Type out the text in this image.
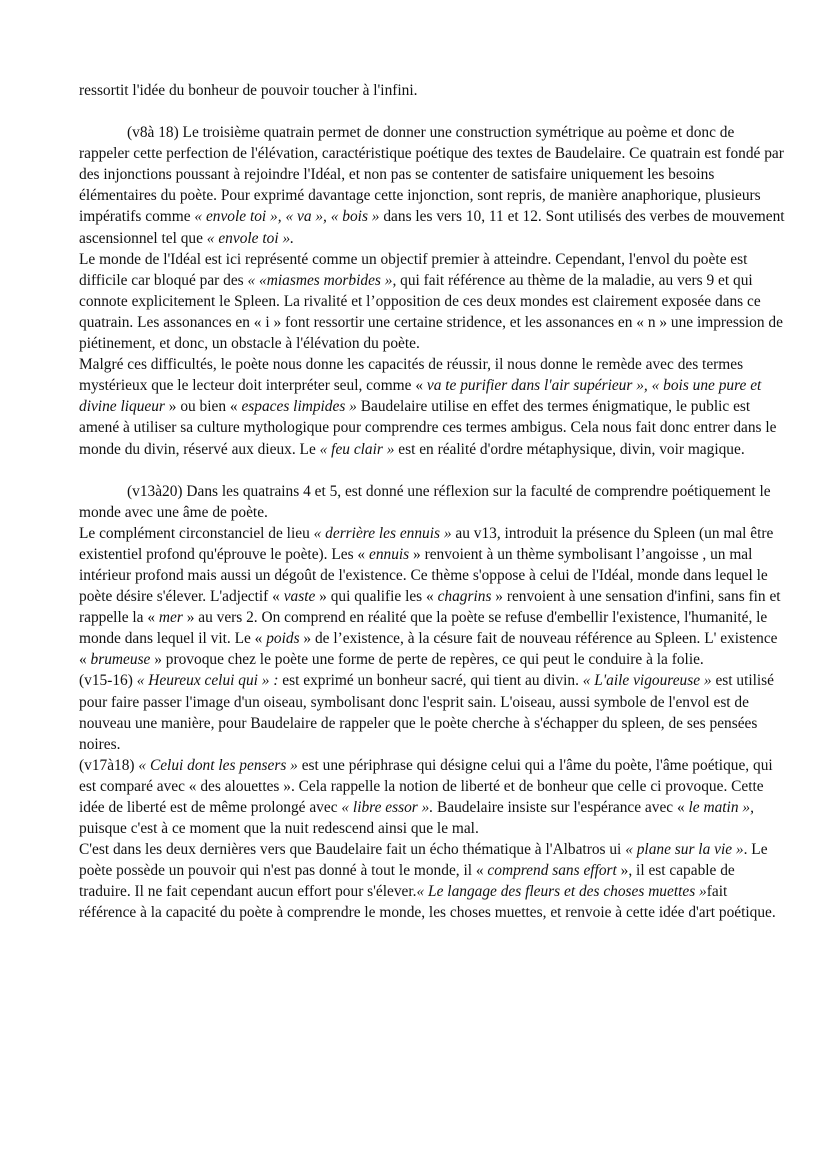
ressortit l'idée du bonheur de pouvoir toucher à l'infini.

(v8à 18) Le troisième quatrain permet de donner une construction symétrique au poème et donc de rappeler cette perfection de l'élévation, caractéristique poétique des textes de Baudelaire. Ce quatrain est fondé par des injonctions poussant à rejoindre l'Idéal, et non pas se contenter de satisfaire uniquement les besoins élémentaires du poète. Pour exprimé davantage cette injonction, sont repris, de manière anaphorique, plusieurs impératifs comme « envole toi », « va », « bois » dans les vers 10, 11 et 12. Sont utilisés des verbes de mouvement ascensionnel tel que « envole toi ».

Le monde de l'Idéal est ici représenté comme un objectif premier à atteindre. Cependant, l'envol du poète est difficile car bloqué par des « «miasmes morbides », qui fait référence au thème de la maladie, au vers 9 et qui connote explicitement le Spleen. La rivalité et l’opposition de ces deux mondes est clairement exposée dans ce quatrain. Les assonances en « i » font ressortir une certaine stridence, et les assonances en « n » une impression de piétinement, et donc, un obstacle à l'élévation du poète.

Malgré ces difficultés, le poète nous donne les capacités de réussir, il nous donne le remède avec des termes mystérieux que le lecteur doit interpréter seul, comme « va te purifier dans l'air supérieur », « bois une pure et divine liqueur » ou bien « espaces limpides » Baudelaire utilise en effet des termes énigmatique, le public est amené à utiliser sa culture mythologique pour comprendre ces termes ambigus. Cela nous fait donc entrer dans le monde du divin, réservé aux dieux. Le « feu clair » est en réalité d'ordre métaphysique, divin, voir magique.

(v13à20) Dans les quatrains 4 et 5, est donné une réflexion sur la faculté de comprendre poétiquement le monde avec une âme de poète.

Le complément circonstanciel de lieu « derrière les ennuis » au v13, introduit la présence du Spleen (un mal être existentiel profond qu'éprouve le poète). Les « ennuis » renvoient à un thème symbolisant l’angoisse , un mal intérieur profond mais aussi un dégoût de l'existence. Ce thème s'oppose à celui de l'Idéal, monde dans lequel le poète désire s'élever. L'adjectif « vaste » qui qualifie les « chagrins » renvoient à une sensation d'infini, sans fin et rappelle la « mer » au vers 2. On comprend en réalité que la poète se refuse d'embellir l'existence, l'humanité, le monde dans lequel il vit. Le « poids » de l’existence, à la césure fait de nouveau référence au Spleen. L' existence « brumeuse » provoque chez le poète une forme de perte de repères, ce qui peut le conduire à la folie.

(v15-16) « Heureux celui qui » : est exprimé un bonheur sacré, qui tient au divin. « L'aile vigoureuse » est utilisé pour faire passer l'image d'un oiseau, symbolisant donc l'esprit sain. L'oiseau, aussi symbole de l'envol est de nouveau une manière, pour Baudelaire de rappeler que le poète cherche à s'échapper du spleen, de ses pensées noires.

(v17à18) « Celui dont les pensers » est une périphrase qui désigne celui qui a l'âme du poète, l'âme poétique, qui est comparé avec « des alouettes ». Cela rappelle la notion de liberté et de bonheur que celle ci provoque. Cette idée de liberté est de même prolongé avec « libre essor ». Baudelaire insiste sur l'espérance avec « le matin », puisque c'est à ce moment que la nuit redescend ainsi que le mal.

C'est dans les deux dernières vers que Baudelaire fait un écho thématique à l'Albatros ui « plane sur la vie ». Le poète possède un pouvoir qui n'est pas donné à tout le monde, il « comprend sans effort », il est capable de traduire. Il ne fait cependant aucun effort pour s'élever.« Le langage des fleurs et des choses muettes »fait référence à la capacité du poète à comprendre le monde, les choses muettes, et renvoie à cette idée d'art poétique.
